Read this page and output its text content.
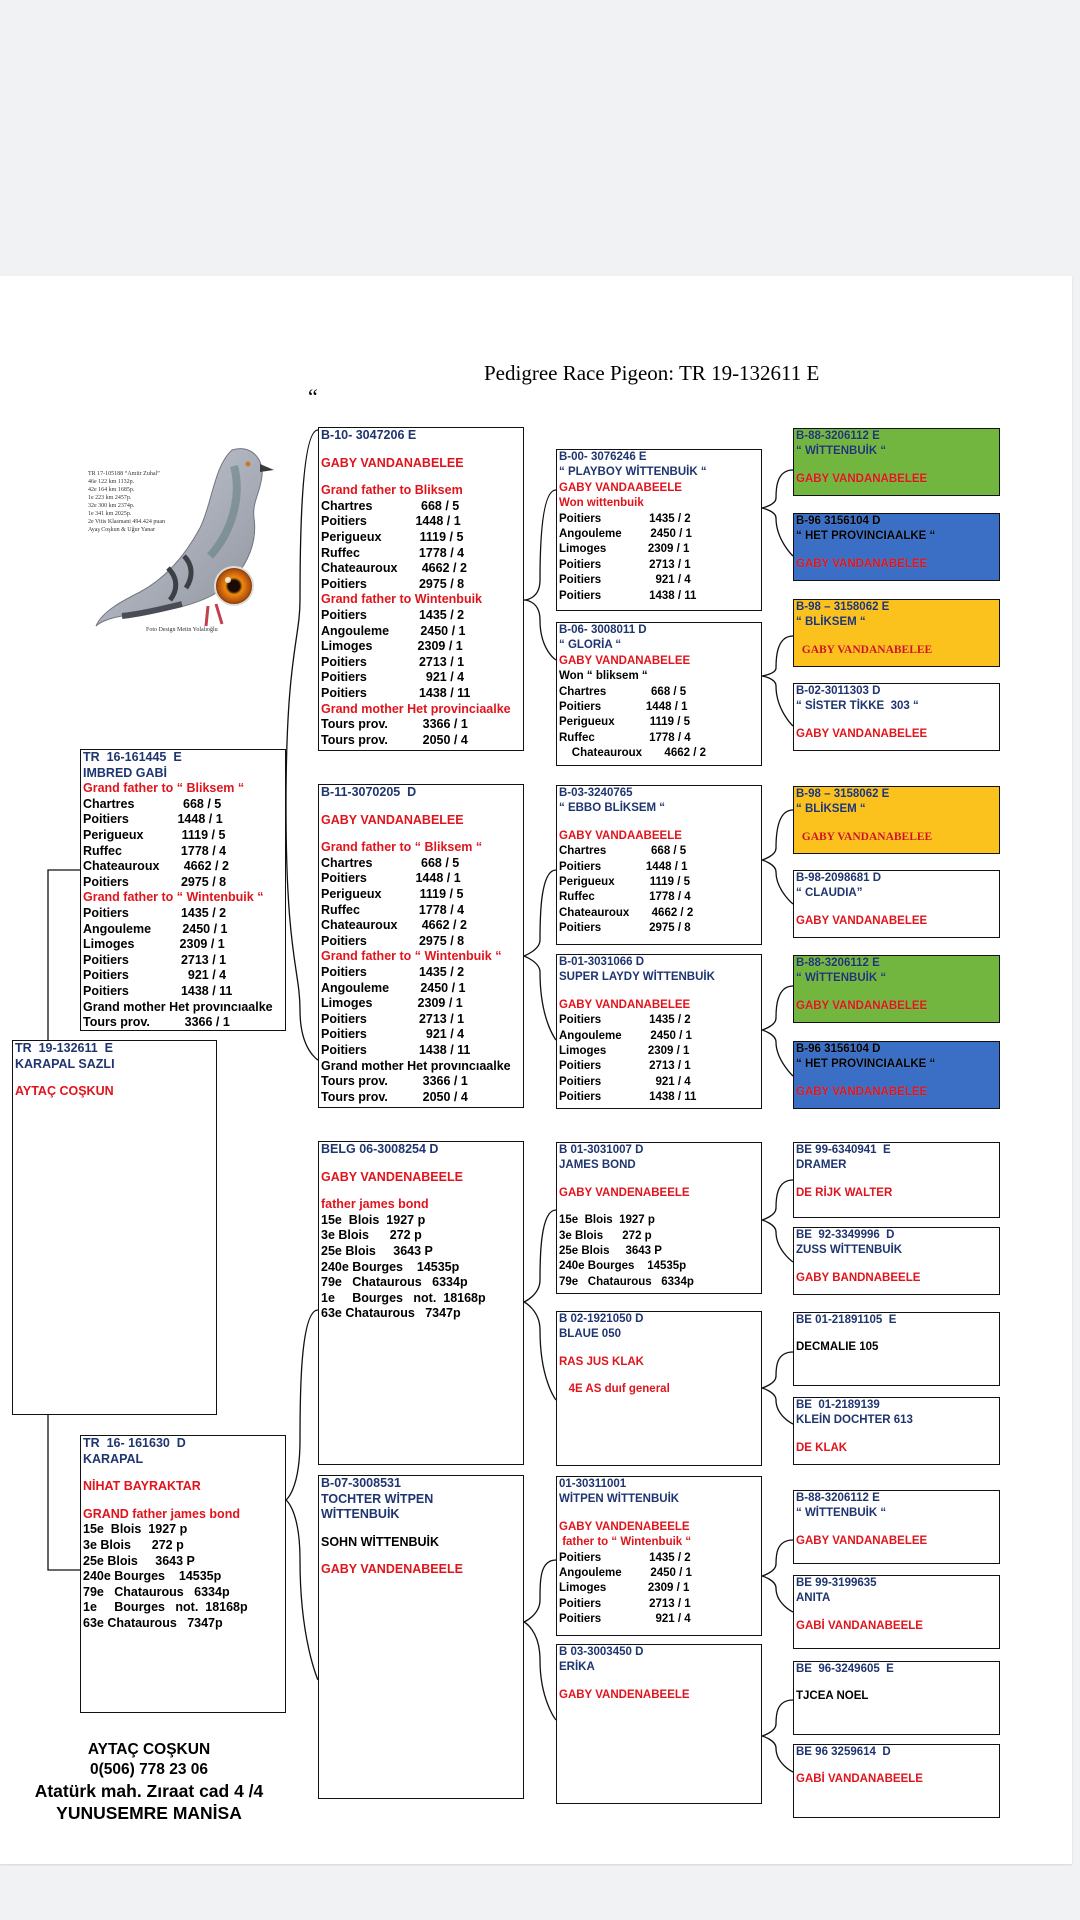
Pedigree Race Pigeon: TR 19-132611 E
“
TR 17-105188 “Amiir Zuhal”
46e 122 km 1132p.
42e 164 km 1685p.
1e 223 km 2457p.
32e 300 km 2374p.
1e 341 km 2025p.
2e Vitis Klasmani 494.424 puan
Ayaş Coşkun & Uğur Yanar
Foto Design Metin Yolalıoğlu
TR  19-132611  E
KARAPAL SAZLI
AYTAÇ COŞKUN
TR  16-161445  E
IMBRED GABİ
Grand father to “ Bliksem “
Chartres              668 / 5
Poitiers              1448 / 1
Perigueux           1119 / 5
Ruffec                 1778 / 4
Chateauroux       4662 / 2
Poitiers               2975 / 8
Grand father to “ Wintenbuik “
Poitiers               1435 / 2
Angouleme         2450 / 1
Limoges             2309 / 1
Poitiers               2713 / 1
Poitiers                 921 / 4
Poitiers               1438 / 11
Grand mother Het provıncıaalke
Tours prov.          3366 / 1
TR  16- 161630  D
KARAPAL
NİHAT BAYRAKTAR
GRAND father james bond
15e  Blois  1927 p
3e Blois      272 p
25e Blois     3643 P
240e Bourges    14535p
79e   Chataurous   6334p
1e     Bourges   not.  18168p
63e Chataurous   7347p
B-10- 3047206 E
GABY VANDANABELEE
Grand father to Bliksem
Chartres              668 / 5
Poitiers              1448 / 1
Perigueux           1119 / 5
Ruffec                 1778 / 4
Chateauroux       4662 / 2
Poitiers               2975 / 8
Grand father to Wintenbuik
Poitiers               1435 / 2
Angouleme         2450 / 1
Limoges             2309 / 1
Poitiers               2713 / 1
Poitiers                 921 / 4
Poitiers               1438 / 11
Grand mother Het provinciaalke
Tours prov.          3366 / 1
Tours prov.          2050 / 4
B-11-3070205  D
GABY VANDANABELEE
Grand father to “ Bliksem “
Chartres              668 / 5
Poitiers              1448 / 1
Perigueux           1119 / 5
Ruffec                 1778 / 4
Chateauroux       4662 / 2
Poitiers               2975 / 8
Grand father to “ Wintenbuik “
Poitiers               1435 / 2
Angouleme         2450 / 1
Limoges             2309 / 1
Poitiers               2713 / 1
Poitiers                 921 / 4
Poitiers               1438 / 11
Grand mother Het provıncıaalke
Tours prov.          3366 / 1
Tours prov.          2050 / 4
BELG 06-3008254 D
GABY VANDENABEELE
father james bond
15e  Blois  1927 p
3e Blois      272 p
25e Blois     3643 P
240e Bourges    14535p
79e   Chataurous   6334p
1e     Bourges   not.  18168p
63e Chataurous   7347p
B-07-3008531
TOCHTER WİTPEN
WİTTENBUİK
SOHN WİTTENBUİK
GABY VANDENABEELE
B-00- 3076246 E
“ PLAYBOY WİTTENBUİK “
GABY VANDAABEELE
Won wittenbuik
Poitiers               1435 / 2
Angouleme         2450 / 1
Limoges             2309 / 1
Poitiers               2713 / 1
Poitiers                 921 / 4
Poitiers               1438 / 11
B-06- 3008011 D
“ GLORİA “
GABY VANDANABELEE
Won “ bliksem “
Chartres              668 / 5
Poitiers              1448 / 1
Perigueux           1119 / 5
Ruffec                 1778 / 4
Chateauroux       4662 / 2
B-03-3240765
“ EBBO BLİKSEM “
GABY VANDAABEELE
Chartres              668 / 5
Poitiers              1448 / 1
Perigueux           1119 / 5
Ruffec                 1778 / 4
Chateauroux       4662 / 2
Poitiers               2975 / 8
B-01-3031066 D
SUPER LAYDY WİTTENBUİK
GABY VANDANABELEE
Poitiers               1435 / 2
Angouleme         2450 / 1
Limoges             2309 / 1
Poitiers               2713 / 1
Poitiers                 921 / 4
Poitiers               1438 / 11
B 01-3031007 D
JAMES BOND
GABY VANDENABEELE
15e  Blois  1927 p
3e Blois      272 p
25e Blois     3643 P
240e Bourges    14535p
79e   Chataurous   6334p
B 02-1921050 D
BLAUE 050
RAS JUS KLAK
4E AS duıf general
01-30311001
WİTPEN WİTTENBUİK
GABY VANDENABEELE
father to “ Wintenbuik “
Poitiers               1435 / 2
Angouleme         2450 / 1
Limoges             2309 / 1
Poitiers               2713 / 1
Poitiers                 921 / 4
B 03-3003450 D
ERİKA
GABY VANDENABEELE
B-88-3206112 E
“ WİTTENBUİK “
GABY VANDANABELEE
B-96 3156104 D
“ HET PROVINCIAALKE “
GABY VANDANABELEE
B-98 – 3158062 E
“ BLİKSEM “
GABY VANDANABELEE
B-02-3011303 D
“ SİSTER TİKKE  303 “
GABY VANDANABELEE
B-98 – 3158062 E
“ BLİKSEM “
GABY VANDANABELEE
B-98-2098681 D
“ CLAUDIA”
GABY VANDANABELEE
B-88-3206112 E
“ WİTTENBUİK “
GABY VANDANABELEE
B-96 3156104 D
“ HET PROVINCIAALKE “
GABY VANDANABELEE
BE 99-6340941  E
DRAMER
DE RİJK WALTER
BE  92-3349996  D
ZUSS WİTTENBUİK
GABY BANDNABEELE
BE 01-21891105  E
DECMALIE 105
BE  01-2189139
KLEİN DOCHTER 613
DE KLAK
B-88-3206112 E
“ WİTTENBUİK “
GABY VANDANABELEE
BE 99-3199635
ANITA
GABİ VANDANABEELE
BE  96-3249605  E
TJCEA NOEL
BE 96 3259614  D
GABİ VANDANABEELE
AYTAÇ COŞKUN
0(506) 778 23 06
Atatürk mah. Zıraat cad 4 /4
YUNUSEMRE MANİSA
